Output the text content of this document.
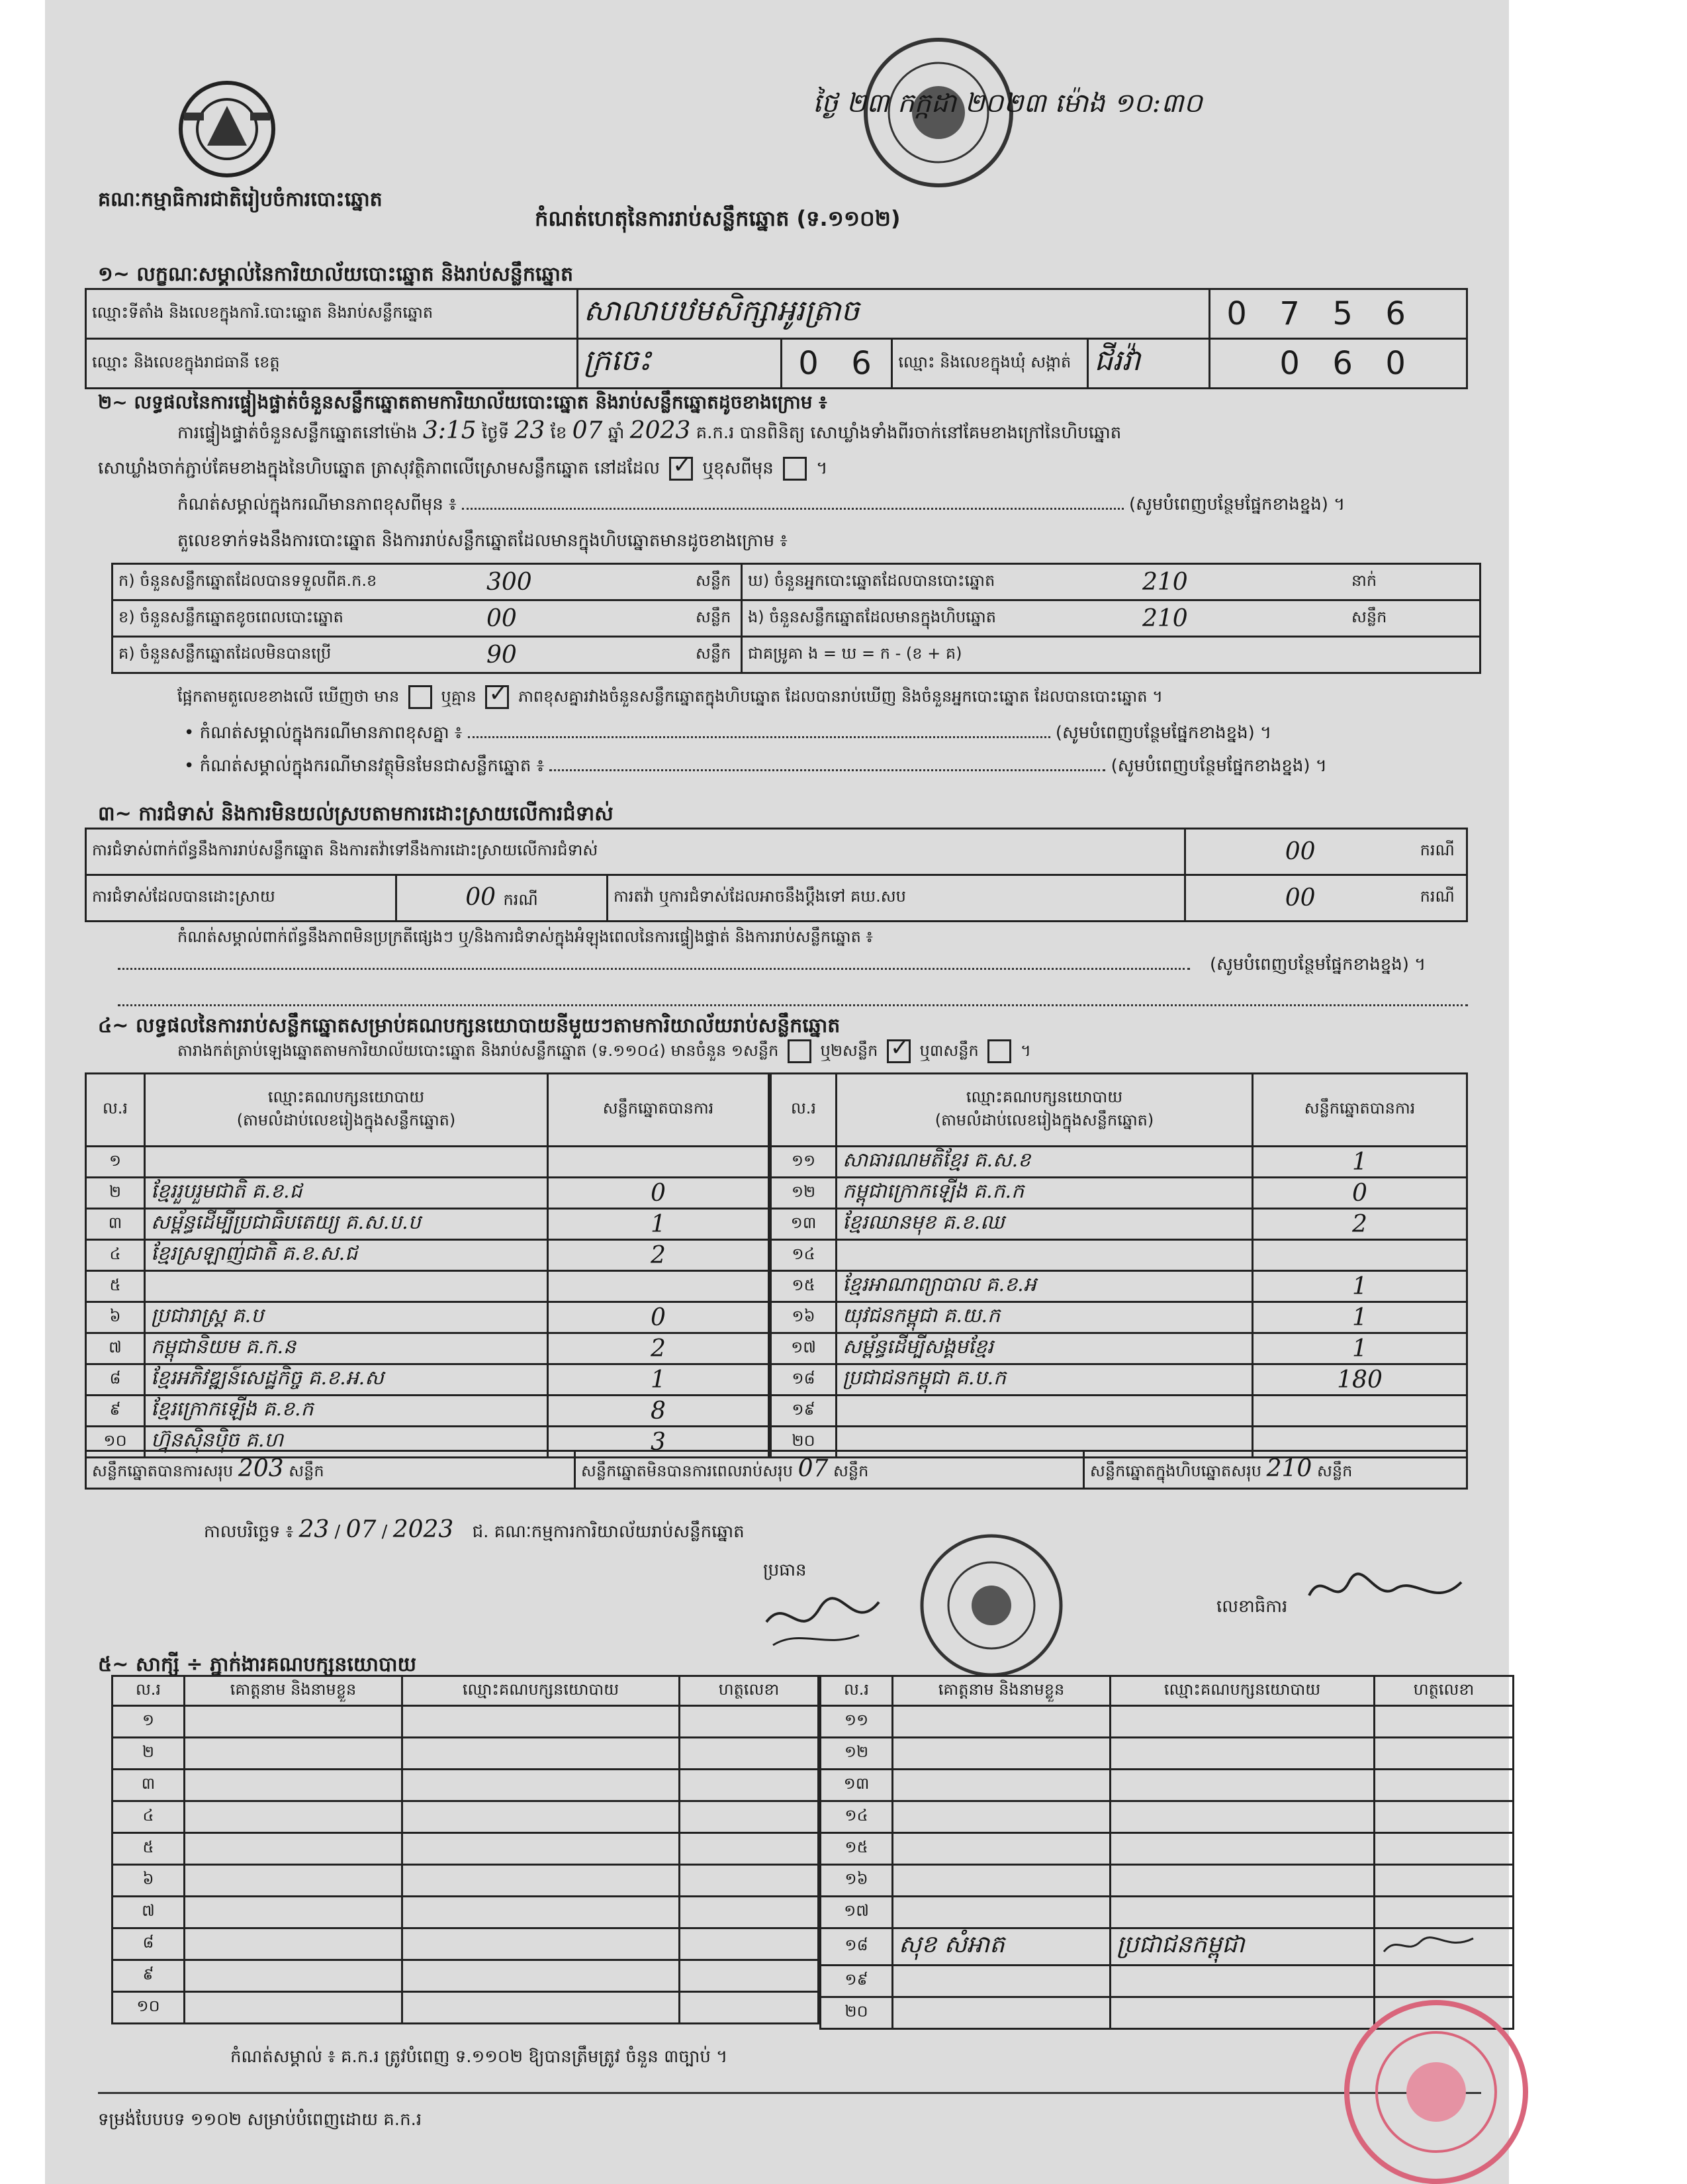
គណៈកម្មាធិការជាតិរៀបចំការបោះឆ្នោត
ថ្ងៃ ២៣ កក្កដា ២០២៣ ម៉ោង ១០:៣០
កំណត់ហេតុនៃការរាប់សន្លឹកឆ្នោត (ទ.១១០២)
១~ លក្ខណៈសម្គាល់នៃការិយាល័យបោះឆ្នោត និងរាប់សន្លឹកឆ្នោត
ឈ្មោះទីតាំង និងលេខក្នុងការិ.បោះឆ្នោត និងរាប់សន្លឹកឆ្នោត	សាលាបឋមសិក្សាអូរត្រាច				0 7 5 6
ឈ្មោះ និងលេខក្នុងរាជធានី ខេត្ត	ក្រចេះ	0 6	ឈ្មោះ និងលេខក្នុងឃុំ សង្កាត់	ជីរវ៉ា	0 6 0
២~ លទ្ធផលនៃការផ្ទៀងផ្ទាត់ចំនួនសន្លឹកឆ្នោតតាមការិយាល័យបោះឆ្នោត និងរាប់សន្លឹកឆ្នោតដូចខាងក្រោម ៖
ការផ្ទៀងផ្ទាត់ចំនួនសន្លឹកឆ្នោតនៅម៉ោង 3:15 ថ្ងៃទី 23 ខែ 07 ឆ្នាំ 2023 គ.ក.រ បានពិនិត្យ សោឃ្លាំងទាំងពីរចាក់នៅគែមខាងក្រៅនៃហិបឆ្នោត
សោឃ្លាំងចាក់ភ្ជាប់គែមខាងក្នុងនៃហិបឆ្នោត ត្រាសុវត្ថិភាពលើស្រោមសន្លឹកឆ្នោត នៅដដែល ✓ ឬខុសពីមុន  ។
កំណត់សម្គាល់ក្នុងករណីមានភាពខុសពីមុន ៖	(សូមបំពេញបន្ថែមផ្នែកខាងខ្នង) ។
តួលេខទាក់ទងនឹងការបោះឆ្នោត និងការរាប់សន្លឹកឆ្នោតដែលមានក្នុងហិបឆ្នោតមានដូចខាងក្រោម ៖
ក) ចំនួនសន្លឹកឆ្នោតដែលបានទទួលពីគ.ក.ខ	300	សន្លឹក	ឃ) ចំនួនអ្នកបោះឆ្នោតដែលបានបោះឆ្នោត	210	នាក់
ខ) ចំនួនសន្លឹកឆ្នោតខូចពេលបោះឆ្នោត	00	សន្លឹក	ង) ចំនួនសន្លឹកឆ្នោតដែលមានក្នុងហិបឆ្នោត	210	សន្លឹក
គ) ចំនួនសន្លឹកឆ្នោតដែលមិនបានប្រើ	90	សន្លឹក	ជាគម្រូគា ង = ឃ = ក - (ខ + គ)		
ផ្អែកតាមតួលេខខាងលើ ឃើញថា មាន	ឬគ្មាន ✓	ភាពខុសគ្នារវាងចំនួនសន្លឹកឆ្នោតក្នុងហិបឆ្នោត ដែលបានរាប់ឃើញ និងចំនួនអ្នកបោះឆ្នោត ដែលបានបោះឆ្នោត ។
• កំណត់សម្គាល់ក្នុងករណីមានភាពខុសគ្នា ៖	(សូមបំពេញបន្ថែមផ្នែកខាងខ្នង) ។
• កំណត់សម្គាល់ក្នុងករណីមានវត្ថុមិនមែនជាសន្លឹកឆ្នោត ៖	(សូមបំពេញបន្ថែមផ្នែកខាងខ្នង) ។
៣~ ការជំទាស់ និងការមិនយល់ស្របតាមការដោះស្រាយលើការជំទាស់
ការជំទាស់ពាក់ព័ន្ធនឹងការរាប់សន្លឹកឆ្នោត និងការតវ៉ាទៅនឹងការដោះស្រាយលើការជំទាស់			00	ករណី
ការជំទាស់ដែលបានដោះស្រាយ	00 ករណី	ការតវ៉ា ឬការជំទាស់ដែលអាចនឹងប្ដឹងទៅ គឃ.សប	00	ករណី
កំណត់សម្គាល់ពាក់ព័ន្ធនឹងភាពមិនប្រក្រតីផ្សេងៗ ឬ/និងការជំទាស់ក្នុងអំឡុងពេលនៃការផ្ទៀងផ្ទាត់ និងការរាប់សន្លឹកឆ្នោត ៖
(សូមបំពេញបន្ថែមផ្នែកខាងខ្នង) ។
៤~ លទ្ធផលនៃការរាប់សន្លឹកឆ្នោតសម្រាប់គណបក្សនយោបាយនីមួយៗតាមការិយាល័យរាប់សន្លឹកឆ្នោត
តារាងកត់ត្រាប់ឡេងឆ្នោតតាមការិយាល័យបោះឆ្នោត និងរាប់សន្លឹកឆ្នោត (ទ.១១០៤) មានចំនួន ១សន្លឹក	ឬ២សន្លឹក ✓	ឬ៣សន្លឹក  ។
ល.រ	ឈ្មោះគណបក្សនយោបាយ
(តាមលំដាប់លេខរៀងក្នុងសន្លឹកឆ្នោត)	សន្លឹកឆ្នោតបានការ
១		
២	ខ្មែររួបរួមជាតិ គ.ខ.ជ	0
៣	សម្ព័ន្ធដើម្បីប្រជាធិបតេយ្យ គ.ស.ប.ប	1
៤	ខ្មែរស្រឡាញ់ជាតិ គ.ខ.ស.ជ	2
៥		
៦	ប្រជារាស្ត្រ គ.ប	0
៧	កម្ពុជានិយម គ.ក.ន	2
៨	ខ្មែរអភិវឌ្ឍន៍សេដ្ឋកិច្ច គ.ខ.អ.ស	1
៩	ខ្មែរក្រោកឡើង គ.ខ.ក	8
១០	ហ្វ៊ុនស៊ិនប៉ិច គ.ហ	3
ល.រ	ឈ្មោះគណបក្សនយោបាយ
(តាមលំដាប់លេខរៀងក្នុងសន្លឹកឆ្នោត)	សន្លឹកឆ្នោតបានការ
១១	សាធារណមតិខ្មែរ គ.ស.ខ	1
១២	កម្ពុជាក្រោកឡើង គ.ក.ក	0
១៣	ខ្មែរឈានមុខ គ.ខ.ឈ	2
១៤		
១៥	ខ្មែរអាណាព្យាបាល គ.ខ.អ	1
១៦	យុវជនកម្ពុជា គ.យ.ក	1
១៧	សម្ព័ន្ធដើម្បីសង្គមខ្មែរ	1
១៨	ប្រជាជនកម្ពុជា គ.ប.ក	180
១៩		
២០		
សន្លឹកឆ្នោតបានការសរុប 203 សន្លឹក	សន្លឹកឆ្នោតមិនបានការពេលរាប់សរុប 07 សន្លឹក	សន្លឹកឆ្នោតក្នុងហិបឆ្នោតសរុប 210 សន្លឹក
កាលបរិច្ឆេទ ៖ 23 / 07 / 2023 ជ. គណៈកម្មការការិយាល័យរាប់សន្លឹកឆ្នោត
ប្រធាន
លេខាធិការ
៥~ សាក្សី ÷ ភ្នាក់ងារគណបក្សនយោបាយ
ល.រ	គោត្តនាម និងនាមខ្លួន	ឈ្មោះគណបក្សនយោបាយ	ហត្ថលេខា
១			
២			
៣			
៤			
៥			
៦			
៧			
៨			
៩			
១០			
ល.រ	គោត្តនាម និងនាមខ្លួន	ឈ្មោះគណបក្សនយោបាយ	ហត្ថលេខា
១១			
១២			
១៣			
១៤			
១៥			
១៦			
១៧			
១៨	សុខ សំអាត	ប្រជាជនកម្ពុជា	
១៩			
២០			
កំណត់សម្គាល់ ៖ គ.ក.រ ត្រូវបំពេញ ទ.១១០២ ឱ្យបានត្រឹមត្រូវ ចំនួន ៣ច្បាប់ ។
ទម្រង់បែបបទ ១១០២ សម្រាប់បំពេញដោយ គ.ក.រ
